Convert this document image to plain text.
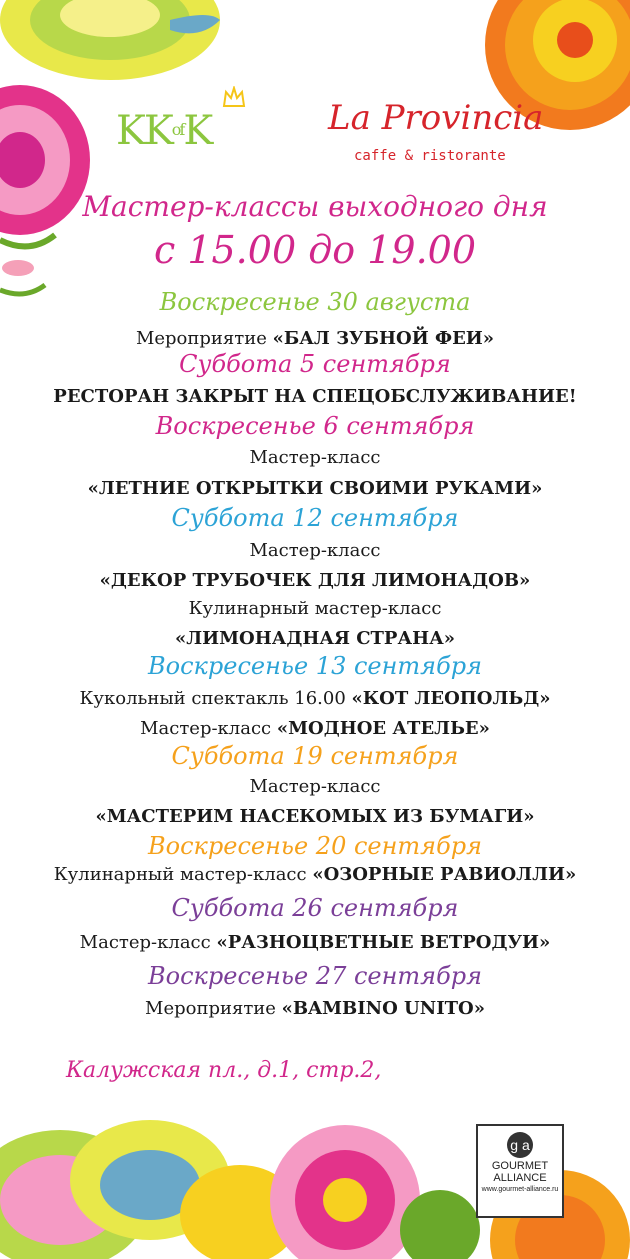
$KK^{of}K$	La Provincia
caffe & ristorante
Мастер-классы выходного дня
с 15.00 до 19.00
Воскресенье 30 августа
Мероприятие «БАЛ ЗУБНОЙ ФЕИ»
Суббота 5 сентября
РЕСТОРАН ЗАКРЫТ НА СПЕЦОБСЛУЖИВАНИЕ!
Воскресенье 6 сентября
Мастер-класс
«ЛЕТНИЕ ОТКРЫТКИ СВОИМИ РУКАМИ»
Суббота 12 сентября
Мастер-класс
«ДЕКОР ТРУБОЧЕК ДЛЯ ЛИМОНАДОВ»
Кулинарный мастер-класс
«ЛИМОНАДНАЯ СТРАНА»
Воскресенье 13 сентября
Кукольный спектакль 16.00 «КОТ ЛЕОПОЛЬД»
Мастер-класс «МОДНОЕ АТЕЛЬЕ»
Суббота 19 сентября
Мастер-класс
«МАСТЕРИМ НАСЕКОМЫХ ИЗ БУМАГИ»
Воскресенье 20 сентября
Кулинарный мастер-класс «ОЗОРНЫЕ РАВИОЛЛИ»
Суббота 26 сентября
Мастер-класс «РАЗНОЦВЕТНЫЕ ВЕТРОДУИ»
Воскресенье 27 сентября
Мероприятие «BAMBINO UNITO»
Калужская пл., д.1, стр.2,
g a
GOURMET
ALLIANCE
www.gourmet-alliance.ru
